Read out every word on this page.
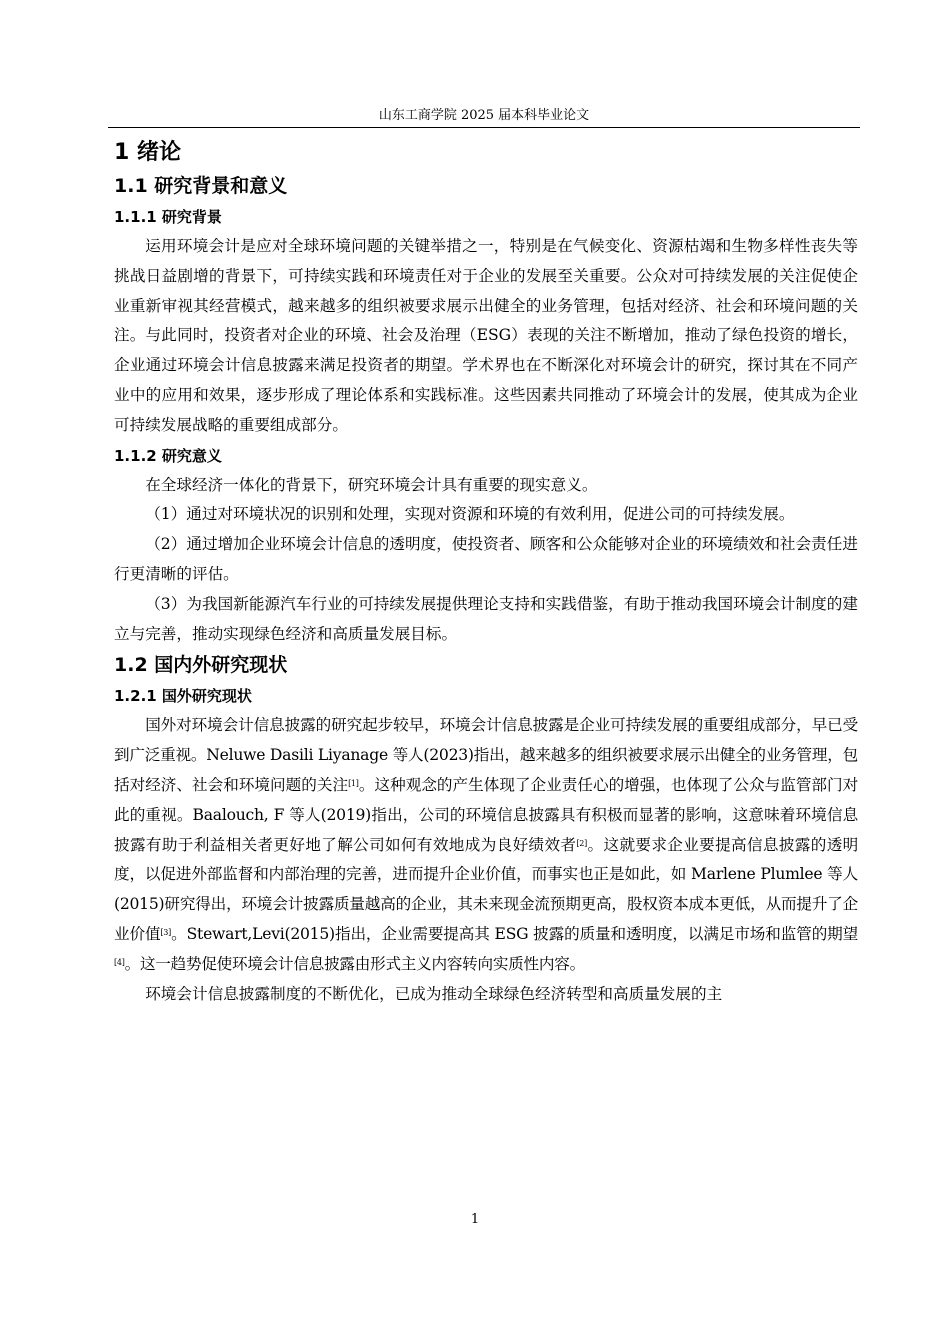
山东工商学院 2025 届本科毕业论文
1 绪论
1.1 研究背景和意义
1.1.1 研究背景

运用环境会计是应对全球环境问题的关键举措之一，特别是在气候变化、资源枯竭和生物多样性丧失等挑战日益剧增的背景下，可持续实践和环境责任对于企业的发展至关重要。公众对可持续发展的关注促使企业重新审视其经营模式，越来越多的组织被要求展示出健全的业务管理，包括对经济、社会和环境问题的关注。与此同时，投资者对企业的环境、社会及治理（ESG）表现的关注不断增加，推动了绿色投资的增长，企业通过环境会计信息披露来满足投资者的期望。学术界也在不断深化对环境会计的研究，探讨其在不同产业中的应用和效果，逐步形成了理论体系和实践标准。这些因素共同推动了环境会计的发展，使其成为企业可持续发展战略的重要组成部分。

1.1.2 研究意义

在全球经济一体化的背景下，研究环境会计具有重要的现实意义。

（1）通过对环境状况的识别和处理，实现对资源和环境的有效利用，促进公司的可持续发展。

（2）通过增加企业环境会计信息的透明度，使投资者、顾客和公众能够对企业的环境绩效和社会责任进行更清晰的评估。

（3）为我国新能源汽车行业的可持续发展提供理论支持和实践借鉴，有助于推动我国环境会计制度的建立与完善，推动实现绿色经济和高质量发展目标。

1.2 国内外研究现状
1.2.1 国外研究现状

国外对环境会计信息披露的研究起步较早，环境会计信息披露是企业可持续发展的重要组成部分，早已受到广泛重视。Neluwe Dasili Liyanage 等人(2023)指出，越来越多的组织被要求展示出健全的业务管理，包括对经济、社会和环境问题的关注[1]。这种观念的产生体现了企业责任心的增强，也体现了公众与监管部门对此的重视。Baalouch, F 等人(2019)指出，公司的环境信息披露具有积极而显著的影响，这意味着环境信息披露有助于利益相关者更好地了解公司如何有效地成为良好绩效者[2]。这就要求企业要提高信息披露的透明度，以促进外部监督和内部治理的完善，进而提升企业价值，而事实也正是如此，如 Marlene Plumlee 等人(2015)研究得出，环境会计披露质量越高的企业，其未来现金流预期更高，股权资本成本更低，从而提升了企业价值[3]。Stewart,Levi(2015)指出，企业需要提高其 ESG 披露的质量和透明度，以满足市场和监管的期望[4]。这一趋势促使环境会计信息披露由形式主义内容转向实质性内容。

环境会计信息披露制度的不断优化，已成为推动全球绿色经济转型和高质量发展的主

1
